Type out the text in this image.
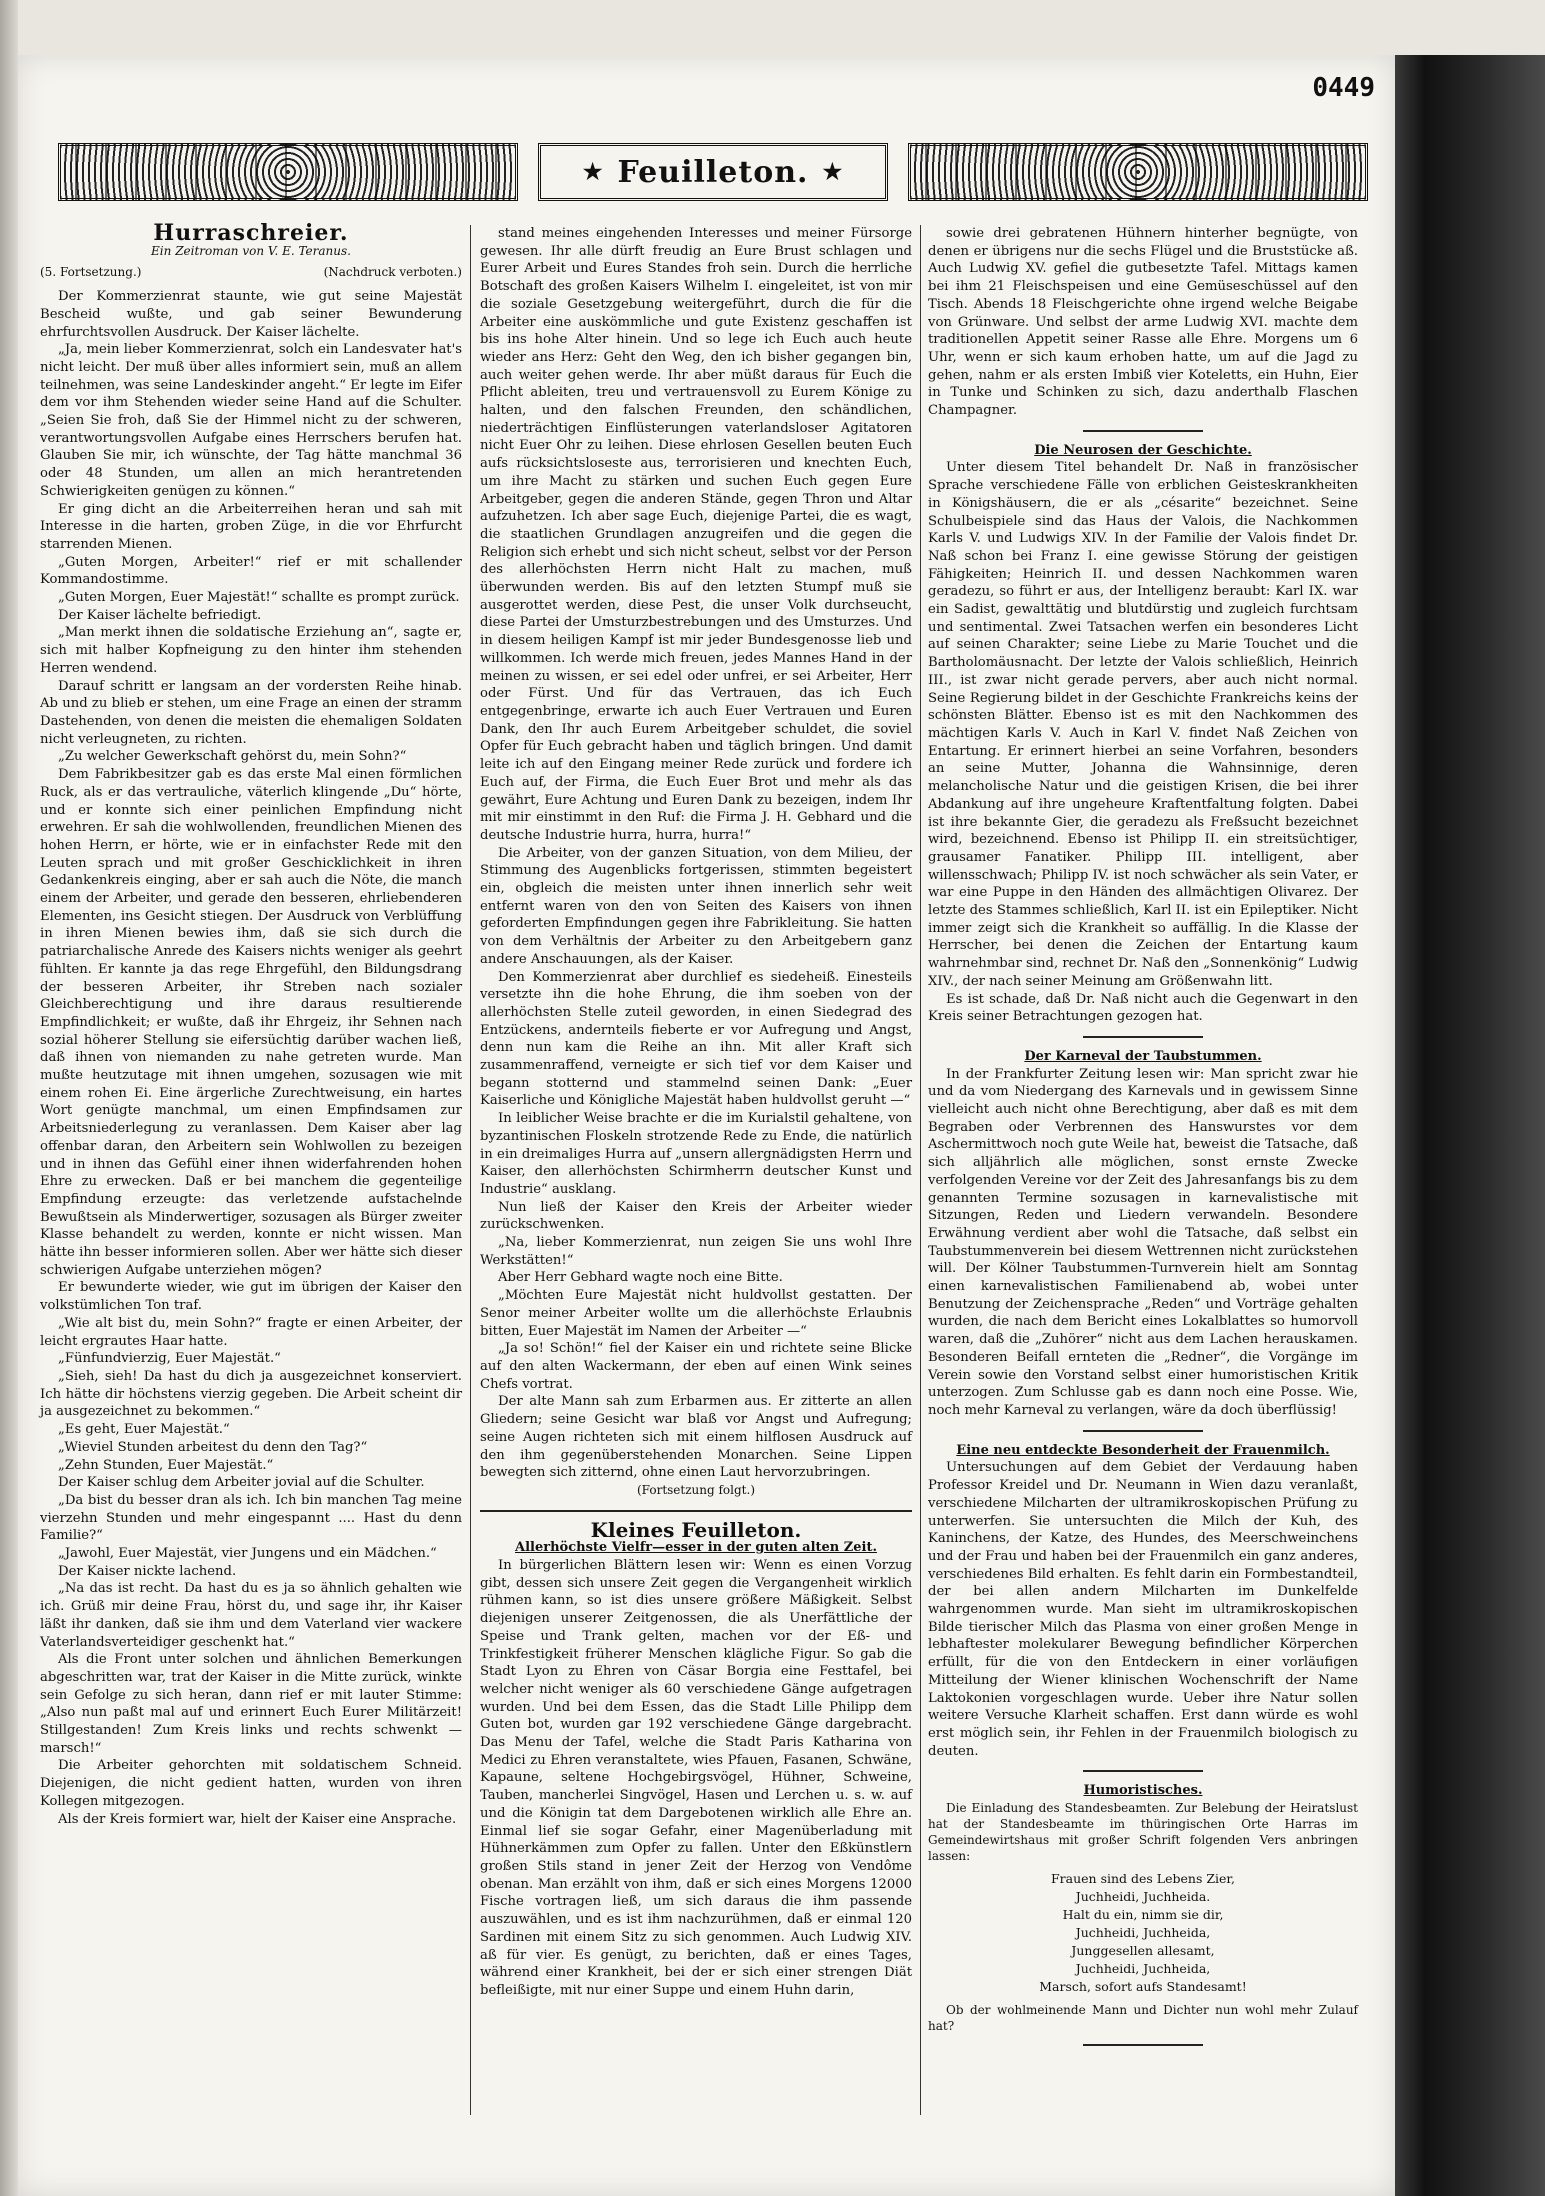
0449
★ Feuilleton. ★

Hurraschreier.

Ein Zeitroman von V. E. Teranus.

(5. Fortsetzung.)	(Nachdruck verboten.)

Der Kommerzienrat staunte, wie gut seine Majestät Bescheid wußte, und gab seiner Bewunderung ehrfurchtsvollen Ausdruck. Der Kaiser lächelte.

„Ja, mein lieber Kommerzienrat, solch ein Landesvater hat's nicht leicht. Der muß über alles informiert sein, muß an allem teilnehmen, was seine Landeskinder angeht.“ Er legte im Eifer dem vor ihm Stehenden wieder seine Hand auf die Schulter. „Seien Sie froh, daß Sie der Himmel nicht zu der schweren, verantwortungsvollen Aufgabe eines Herrschers berufen hat. Glauben Sie mir, ich wünschte, der Tag hätte manchmal 36 oder 48 Stunden, um allen an mich herantretenden Schwierigkeiten genügen zu können.“

Er ging dicht an die Arbeiterreihen heran und sah mit Interesse in die harten, groben Züge, in die vor Ehrfurcht starrenden Mienen.

„Guten Morgen, Arbeiter!“ rief er mit schallender Kommandostimme.

„Guten Morgen, Euer Majestät!“ schallte es prompt zurück.

Der Kaiser lächelte befriedigt.

„Man merkt ihnen die soldatische Erziehung an“, sagte er, sich mit halber Kopfneigung zu den hinter ihm stehenden Herren wendend.

Darauf schritt er langsam an der vordersten Reihe hinab. Ab und zu blieb er stehen, um eine Frage an einen der stramm Dastehenden, von denen die meisten die ehemaligen Soldaten nicht verleugneten, zu richten.

„Zu welcher Gewerkschaft gehörst du, mein Sohn?“

Dem Fabrikbesitzer gab es das erste Mal einen förmlichen Ruck, als er das vertrauliche, väterlich klingende „Du“ hörte, und er konnte sich einer peinlichen Empfindung nicht erwehren. Er sah die wohlwollenden, freundlichen Mienen des hohen Herrn, er hörte, wie er in einfachster Rede mit den Leuten sprach und mit großer Geschicklichkeit in ihren Gedankenkreis einging, aber er sah auch die Nöte, die manch einem der Arbeiter, und gerade den besseren, ehrliebenderen Elementen, ins Gesicht stiegen. Der Ausdruck von Verblüffung in ihren Mienen bewies ihm, daß sie sich durch die patriarchalische Anrede des Kaisers nichts weniger als geehrt fühlten. Er kannte ja das rege Ehrgefühl, den Bildungsdrang der besseren Arbeiter, ihr Streben nach sozialer Gleichberechtigung und ihre daraus resultierende Empfindlichkeit; er wußte, daß ihr Ehrgeiz, ihr Sehnen nach sozial höherer Stellung sie eifersüchtig darüber wachen ließ, daß ihnen von niemanden zu nahe getreten wurde. Man mußte heutzutage mit ihnen umgehen, sozusagen wie mit einem rohen Ei. Eine ärgerliche Zurechtweisung, ein hartes Wort genügte manchmal, um einen Empfindsamen zur Arbeitsniederlegung zu veranlassen. Dem Kaiser aber lag offenbar daran, den Arbeitern sein Wohlwollen zu bezeigen und in ihnen das Gefühl einer ihnen widerfahrenden hohen Ehre zu erwecken. Daß er bei manchem die gegenteilige Empfindung erzeugte: das verletzende aufstachelnde Bewußtsein als Minderwertiger, sozusagen als Bürger zweiter Klasse behandelt zu werden, konnte er nicht wissen. Man hätte ihn besser informieren sollen. Aber wer hätte sich dieser schwierigen Aufgabe unterziehen mögen?

Er bewunderte wieder, wie gut im übrigen der Kaiser den volkstümlichen Ton traf.

„Wie alt bist du, mein Sohn?“ fragte er einen Arbeiter, der leicht ergrautes Haar hatte.

„Fünfundvierzig, Euer Majestät.“

„Sieh, sieh! Da hast du dich ja ausgezeichnet konserviert. Ich hätte dir höchstens vierzig gegeben. Die Arbeit scheint dir ja ausgezeichnet zu bekommen.“

„Es geht, Euer Majestät.“

„Wieviel Stunden arbeitest du denn den Tag?“

„Zehn Stunden, Euer Majestät.“

Der Kaiser schlug dem Arbeiter jovial auf die Schulter.

„Da bist du besser dran als ich. Ich bin manchen Tag meine vierzehn Stunden und mehr eingespannt .... Hast du denn Familie?“

„Jawohl, Euer Majestät, vier Jungens und ein Mädchen.“

Der Kaiser nickte lachend.

„Na das ist recht. Da hast du es ja so ähnlich gehalten wie ich. Grüß mir deine Frau, hörst du, und sage ihr, ihr Kaiser läßt ihr danken, daß sie ihm und dem Vaterland vier wackere Vaterlandsverteidiger geschenkt hat.“

Als die Front unter solchen und ähnlichen Bemerkungen abgeschritten war, trat der Kaiser in die Mitte zurück, winkte sein Gefolge zu sich heran, dann rief er mit lauter Stimme: „Also nun paßt mal auf und erinnert Euch Eurer Militärzeit! Stillgestanden! Zum Kreis links und rechts schwenkt — marsch!“

Die Arbeiter gehorchten mit soldatischem Schneid. Diejenigen, die nicht gedient hatten, wurden von ihren Kollegen mitgezogen.

Als der Kreis formiert war, hielt der Kaiser eine Ansprache.

stand meines eingehenden Interesses und meiner Fürsorge gewesen. Ihr alle dürft freudig an Eure Brust schlagen und Eurer Arbeit und Eures Standes froh sein. Durch die herrliche Botschaft des großen Kaisers Wilhelm I. eingeleitet, ist von mir die soziale Gesetzgebung weitergeführt, durch die für die Arbeiter eine auskömmliche und gute Existenz geschaffen ist bis ins hohe Alter hinein. Und so lege ich Euch auch heute wieder ans Herz: Geht den Weg, den ich bisher gegangen bin, auch weiter gehen werde. Ihr aber müßt daraus für Euch die Pflicht ableiten, treu und vertrauensvoll zu Eurem Könige zu halten, und den falschen Freunden, den schändlichen, niederträchtigen Einflüsterungen vaterlandsloser Agitatoren nicht Euer Ohr zu leihen. Diese ehrlosen Gesellen beuten Euch aufs rücksichtsloseste aus, terrorisieren und knechten Euch, um ihre Macht zu stärken und suchen Euch gegen Eure Arbeitgeber, gegen die anderen Stände, gegen Thron und Altar aufzuhetzen. Ich aber sage Euch, diejenige Partei, die es wagt, die staatlichen Grundlagen anzugreifen und die gegen die Religion sich erhebt und sich nicht scheut, selbst vor der Person des allerhöchsten Herrn nicht Halt zu machen, muß überwunden werden. Bis auf den letzten Stumpf muß sie ausgerottet werden, diese Pest, die unser Volk durchseucht, diese Partei der Umsturzbestrebungen und des Umsturzes. Und in diesem heiligen Kampf ist mir jeder Bundesgenosse lieb und willkommen. Ich werde mich freuen, jedes Mannes Hand in der meinen zu wissen, er sei edel oder unfrei, er sei Arbeiter, Herr oder Fürst. Und für das Vertrauen, das ich Euch entgegenbringe, erwarte ich auch Euer Vertrauen und Euren Dank, den Ihr auch Eurem Arbeitgeber schuldet, die soviel Opfer für Euch gebracht haben und täglich bringen. Und damit leite ich auf den Eingang meiner Rede zurück und fordere ich Euch auf, der Firma, die Euch Euer Brot und mehr als das gewährt, Eure Achtung und Euren Dank zu bezeigen, indem Ihr mit mir einstimmt in den Ruf: die Firma J. H. Gebhard und die deutsche Industrie hurra, hurra, hurra!“

Die Arbeiter, von der ganzen Situation, von dem Milieu, der Stimmung des Augenblicks fortgerissen, stimmten begeistert ein, obgleich die meisten unter ihnen innerlich sehr weit entfernt waren von den von Seiten des Kaisers von ihnen geforderten Empfindungen gegen ihre Fabrikleitung. Sie hatten von dem Verhältnis der Arbeiter zu den Arbeitgebern ganz andere Anschauungen, als der Kaiser.

Den Kommerzienrat aber durchlief es siedeheiß. Einesteils versetzte ihn die hohe Ehrung, die ihm soeben von der allerhöchsten Stelle zuteil geworden, in einen Siedegrad des Entzückens, andernteils fieberte er vor Aufregung und Angst, denn nun kam die Reihe an ihn. Mit aller Kraft sich zusammenraffend, verneigte er sich tief vor dem Kaiser und begann stotternd und stammelnd seinen Dank: „Euer Kaiserliche und Königliche Majestät haben huldvollst geruht —“

In leiblicher Weise brachte er die im Kurialstil gehaltene, von byzantinischen Floskeln strotzende Rede zu Ende, die natürlich in ein dreimaliges Hurra auf „unsern allergnädigsten Herrn und Kaiser, den allerhöchsten Schirmherrn deutscher Kunst und Industrie“ ausklang.

Nun ließ der Kaiser den Kreis der Arbeiter wieder zurückschwenken.

„Na, lieber Kommerzienrat, nun zeigen Sie uns wohl Ihre Werkstätten!“

Aber Herr Gebhard wagte noch eine Bitte.

„Möchten Eure Majestät nicht huldvollst gestatten. Der Senor meiner Arbeiter wollte um die allerhöchste Erlaubnis bitten, Euer Majestät im Namen der Arbeiter —“

„Ja so! Schön!“ fiel der Kaiser ein und richtete seine Blicke auf den alten Wackermann, der eben auf einen Wink seines Chefs vortrat.

Der alte Mann sah zum Erbarmen aus. Er zitterte an allen Gliedern; seine Gesicht war blaß vor Angst und Aufregung; seine Augen richteten sich mit einem hilflosen Ausdruck auf den ihm gegenüberstehenden Monarchen. Seine Lippen bewegten sich zitternd, ohne einen Laut hervorzubringen.

(Fortsetzung folgt.)

Kleines Feuilleton.

Allerhöchste Vielfr—esser in der guten alten Zeit.

In bürgerlichen Blättern lesen wir: Wenn es einen Vorzug gibt, dessen sich unsere Zeit gegen die Vergangenheit wirklich rühmen kann, so ist dies unsere größere Mäßigkeit. Selbst diejenigen unserer Zeitgenossen, die als Unerfättliche der Speise und Trank gelten, machen vor der Eß- und Trinkfestigkeit früherer Menschen klägliche Figur. So gab die Stadt Lyon zu Ehren von Cäsar Borgia eine Festtafel, bei welcher nicht weniger als 60 verschiedene Gänge aufgetragen wurden. Und bei dem Essen, das die Stadt Lille Philipp dem Guten bot, wurden gar 192 verschiedene Gänge dargebracht. Das Menu der Tafel, welche die Stadt Paris Katharina von Medici zu Ehren veranstaltete, wies Pfauen, Fasanen, Schwäne, Kapaune, seltene Hochgebirgsvögel, Hühner, Schweine, Tauben, mancherlei Singvögel, Hasen und Lerchen u. s. w. auf und die Königin tat dem Dargebotenen wirklich alle Ehre an. Einmal lief sie sogar Gefahr, einer Magenüberladung mit Hühnerkämmen zum Opfer zu fallen. Unter den Eßkünstlern großen Stils stand in jener Zeit der Herzog von Vendôme obenan. Man erzählt von ihm, daß er sich eines Morgens 12000 Fische vortragen ließ, um sich daraus die ihm passende auszuwählen, und es ist ihm nachzurühmen, daß er einmal 120 Sardinen mit einem Sitz zu sich genommen. Auch Ludwig XIV. aß für vier. Es genügt, zu berichten, daß er eines Tages, während einer Krankheit, bei der er sich einer strengen Diät befleißigte, mit nur einer Suppe und einem Huhn darin,

sowie drei gebratenen Hühnern hinterher begnügte, von denen er übrigens nur die sechs Flügel und die Bruststücke aß. Auch Ludwig XV. gefiel die gutbesetzte Tafel. Mittags kamen bei ihm 21 Fleischspeisen und eine Gemüseschüssel auf den Tisch. Abends 18 Fleischgerichte ohne irgend welche Beigabe von Grünware. Und selbst der arme Ludwig XVI. machte dem traditionellen Appetit seiner Rasse alle Ehre. Morgens um 6 Uhr, wenn er sich kaum erhoben hatte, um auf die Jagd zu gehen, nahm er als ersten Imbiß vier Koteletts, ein Huhn, Eier in Tunke und Schinken zu sich, dazu anderthalb Flaschen Champagner.

Die Neurosen der Geschichte.

Unter diesem Titel behandelt Dr. Naß in französischer Sprache verschiedene Fälle von erblichen Geisteskrankheiten in Königshäusern, die er als „césarite“ bezeichnet. Seine Schulbeispiele sind das Haus der Valois, die Nachkommen Karls V. und Ludwigs XIV. In der Familie der Valois findet Dr. Naß schon bei Franz I. eine gewisse Störung der geistigen Fähigkeiten; Heinrich II. und dessen Nachkommen waren geradezu, so führt er aus, der Intelligenz beraubt: Karl IX. war ein Sadist, gewalttätig und blutdürstig und zugleich furchtsam und sentimental. Zwei Tatsachen werfen ein besonderes Licht auf seinen Charakter; seine Liebe zu Marie Touchet und die Bartholomäusnacht. Der letzte der Valois schließlich, Heinrich III., ist zwar nicht gerade pervers, aber auch nicht normal. Seine Regierung bildet in der Geschichte Frankreichs keins der schönsten Blätter. Ebenso ist es mit den Nachkommen des mächtigen Karls V. Auch in Karl V. findet Naß Zeichen von Entartung. Er erinnert hierbei an seine Vorfahren, besonders an seine Mutter, Johanna die Wahnsinnige, deren melancholische Natur und die geistigen Krisen, die bei ihrer Abdankung auf ihre ungeheure Kraftentfaltung folgten. Dabei ist ihre bekannte Gier, die geradezu als Freßsucht bezeichnet wird, bezeichnend. Ebenso ist Philipp II. ein streitsüchtiger, grausamer Fanatiker. Philipp III. intelligent, aber willensschwach; Philipp IV. ist noch schwächer als sein Vater, er war eine Puppe in den Händen des allmächtigen Olivarez. Der letzte des Stammes schließlich, Karl II. ist ein Epileptiker. Nicht immer zeigt sich die Krankheit so auffällig. In die Klasse der Herrscher, bei denen die Zeichen der Entartung kaum wahrnehmbar sind, rechnet Dr. Naß den „Sonnenkönig“ Ludwig XIV., der nach seiner Meinung am Größenwahn litt.

Es ist schade, daß Dr. Naß nicht auch die Gegenwart in den Kreis seiner Betrachtungen gezogen hat.

Der Karneval der Taubstummen.

In der Frankfurter Zeitung lesen wir: Man spricht zwar hie und da vom Niedergang des Karnevals und in gewissem Sinne vielleicht auch nicht ohne Berechtigung, aber daß es mit dem Begraben oder Verbrennen des Hanswurstes vor dem Aschermittwoch noch gute Weile hat, beweist die Tatsache, daß sich alljährlich alle möglichen, sonst ernste Zwecke verfolgenden Vereine vor der Zeit des Jahresanfangs bis zu dem genannten Termine sozusagen in karnevalistische mit Sitzungen, Reden und Liedern verwandeln. Besondere Erwähnung verdient aber wohl die Tatsache, daß selbst ein Taubstummenverein bei diesem Wettrennen nicht zurückstehen will. Der Kölner Taubstummen-Turnverein hielt am Sonntag einen karnevalistischen Familienabend ab, wobei unter Benutzung der Zeichensprache „Reden“ und Vorträge gehalten wurden, die nach dem Bericht eines Lokalblattes so humorvoll waren, daß die „Zuhörer“ nicht aus dem Lachen herauskamen. Besonderen Beifall ernteten die „Redner“, die Vorgänge im Verein sowie den Vorstand selbst einer humoristischen Kritik unterzogen. Zum Schlusse gab es dann noch eine Posse. Wie, noch mehr Karneval zu verlangen, wäre da doch überflüssig!

Eine neu entdeckte Besonderheit der Frauenmilch.

Untersuchungen auf dem Gebiet der Verdauung haben Professor Kreidel und Dr. Neumann in Wien dazu veranlaßt, verschiedene Milcharten der ultramikroskopischen Prüfung zu unterwerfen. Sie untersuchten die Milch der Kuh, des Kaninchens, der Katze, des Hundes, des Meerschweinchens und der Frau und haben bei der Frauenmilch ein ganz anderes, verschiedenes Bild erhalten. Es fehlt darin ein Formbestandteil, der bei allen andern Milcharten im Dunkelfelde wahrgenommen wurde. Man sieht im ultramikroskopischen Bilde tierischer Milch das Plasma von einer großen Menge in lebhaftester molekularer Bewegung befindlicher Körperchen erfüllt, für die von den Entdeckern in einer vorläufigen Mitteilung der Wiener klinischen Wochenschrift der Name Laktokonien vorgeschlagen wurde. Ueber ihre Natur sollen weitere Versuche Klarheit schaffen. Erst dann würde es wohl erst möglich sein, ihr Fehlen in der Frauenmilch biologisch zu deuten.

Humoristisches.

Die Einladung des Standesbeamten. Zur Belebung der Heiratslust hat der Standesbeamte im thüringischen Orte Harras im Gemeindewirtshaus mit großer Schrift folgenden Vers anbringen lassen:

Frauen sind des Lebens Zier,
Juchheidi, Juchheida.
Halt du ein, nimm sie dir,
Juchheidi, Juchheida,
Junggesellen allesamt,
Juchheidi, Juchheida,
Marsch, sofort aufs Standesamt!

Ob der wohlmeinende Mann und Dichter nun wohl mehr Zulauf hat?
